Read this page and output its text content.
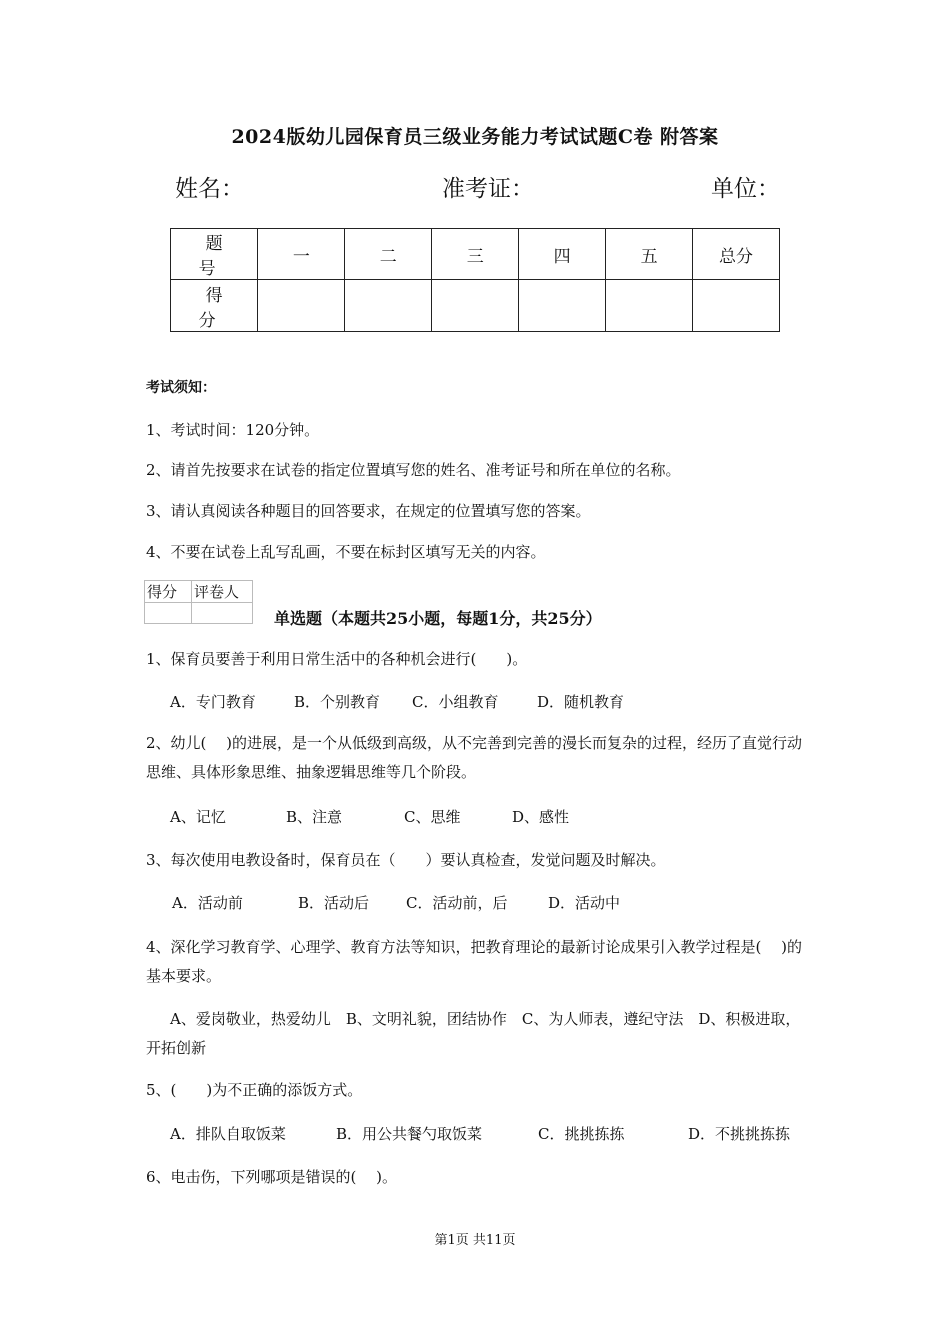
2024版幼儿园保育员三级业务能力考试试题C卷 附答案
姓名：	准考证：	单位：
题 号	一	二	三	四	五	总分
得 分						
考试须知：
1、考试时间：120分钟。
2、请首先按要求在试卷的指定位置填写您的姓名、准考证号和所在单位的名称。
3、请认真阅读各种题目的回答要求，在规定的位置填写您的答案。
4、不要在试卷上乱写乱画，不要在标封区填写无关的内容。
得分	评卷人

单选题（本题共25小题，每题1分，共25分）
1、保育员要善于利用日常生活中的各种机会进行(　　)。
A．专门教育	B．个别教育 C．小组教育	D．随机教育
2、幼儿(　 )的进展，是一个从低级到高级，从不完善到完善的漫长而复杂的过程，经历了直觉行动思维、具体形象思维、抽象逻辑思维等几个阶段。
A、记忆	B、注意	C、思维	D、感性
3、每次使用电教设备时，保育员在（　　）要认真检查，发觉问题及时解决。
A．活动前	B．活动后 C．活动前，后	D．活动中
4、深化学习教育学、心理学、教育方法等知识，把教育理论的最新讨论成果引入教学过程是(　 )的基本要求。
A、爱岗敬业，热爱幼儿　B、文明礼貌，团结协作　C、为人师表，遵纪守法　D、积极进取，开拓创新
5、(　　)为不正确的添饭方式。
A．排队自取饭菜	B．用公共餐勺取饭菜	C．挑挑拣拣	D．不挑挑拣拣
6、电击伤，下列哪项是错误的(　 )。
第1页 共11页
